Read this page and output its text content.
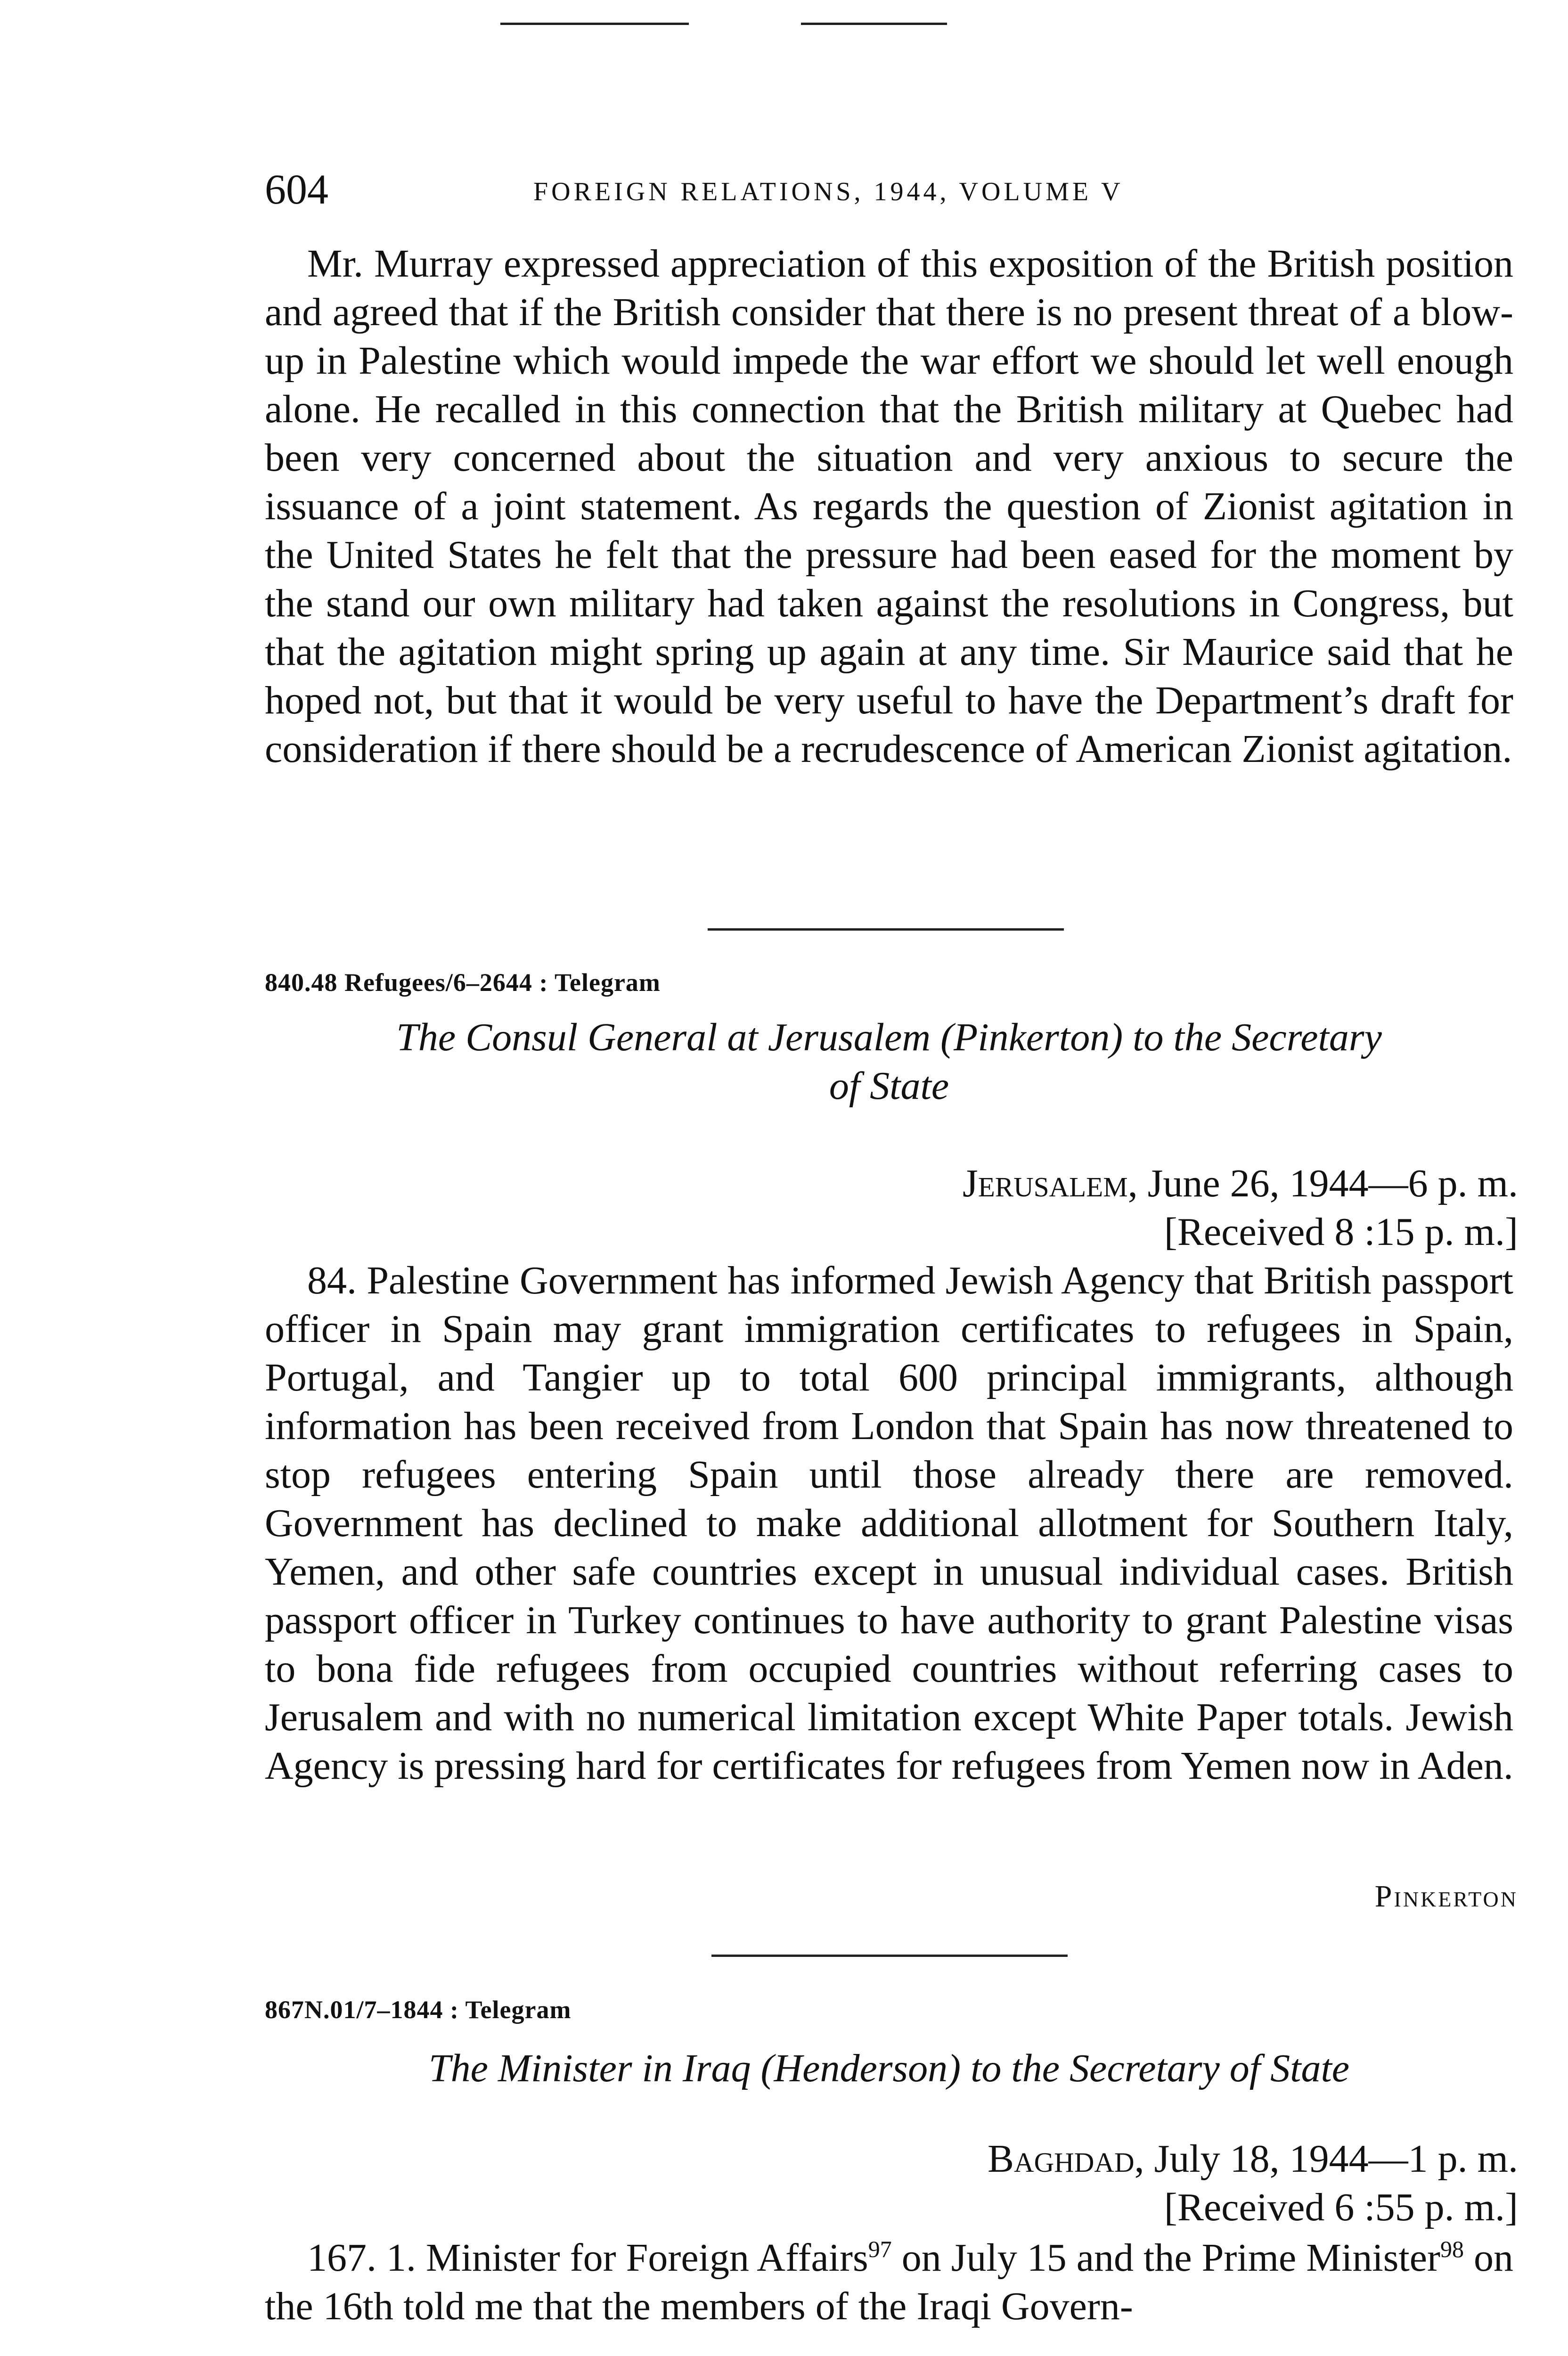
604	FOREIGN RELATIONS, 1944, VOLUME V

Mr. Murray expressed appreciation of this exposition of the British position and agreed that if the British consider that there is no present threat of a blow-up in Palestine which would impede the war effort we should let well enough alone. He recalled in this connection that the British military at Quebec had been very concerned about the situation and very anxious to secure the issuance of a joint statement. As regards the question of Zionist agitation in the United States he felt that the pressure had been eased for the moment by the stand our own military had taken against the resolutions in Congress, but that the agitation might spring up again at any time. Sir Maurice said that he hoped not, but that it would be very useful to have the Department’s draft for consideration if there should be a recrudescence of American Zionist agitation.

840.48 Refugees/6–2644 : Telegram
The Consul General at Jerusalem (Pinkerton) to the Secretary
of State
Jerusalem, June 26, 1944—6 p. m.
[Received 8 :15 p. m.]

84. Palestine Government has informed Jewish Agency that British passport officer in Spain may grant immigration certificates to refugees in Spain, Portugal, and Tangier up to total 600 principal immigrants, although information has been received from London that Spain has now threatened to stop refugees entering Spain until those already there are removed. Government has declined to make additional allotment for Southern Italy, Yemen, and other safe countries except in unusual individual cases. British passport officer in Turkey continues to have authority to grant Palestine visas to bona fide refugees from occupied countries without referring cases to Jerusalem and with no numerical limitation except White Paper totals. Jewish Agency is pressing hard for certificates for refugees from Yemen now in Aden.

Pinkerton
867N.01/7–1844 : Telegram
The Minister in Iraq (Henderson) to the Secretary of State
Baghdad, July 18, 1944—1 p. m.
[Received 6 :55 p. m.]

167. 1. Minister for Foreign Affairs$^{97}$ on July 15 and the Prime Minister$^{98}$ on the 16th told me that the members of the Iraqi Govern-
